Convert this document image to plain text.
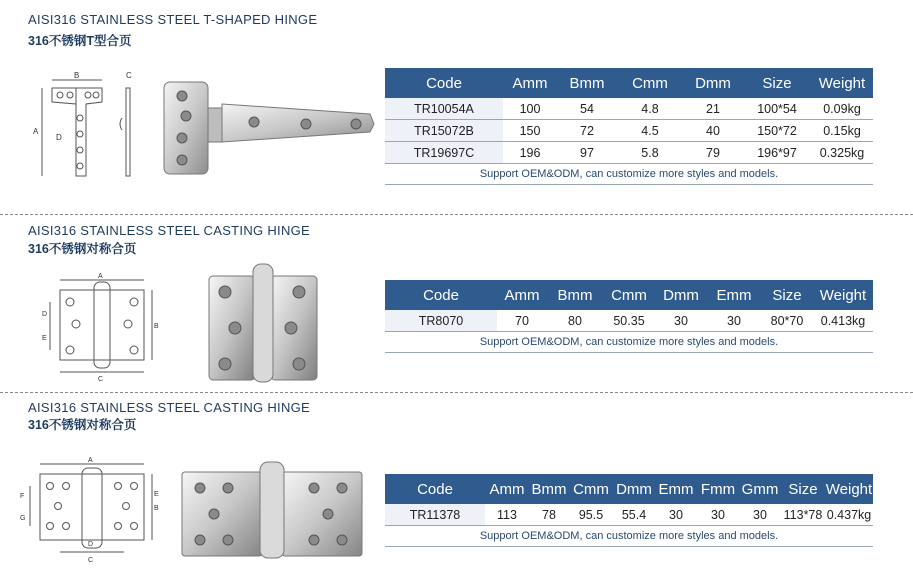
AISI316 STAINLESS STEEL T-SHAPED HINGE
316不锈钢T型合页
B
A
C
D
Code	Amm	Bmm	Cmm	Dmm	Size	Weight
TR10054A	100	54	4.8	21	100*54	0.09kg
TR15072B	150	72	4.5	40	150*72	0.15kg
TR19697C	196	97	5.8	79	196*97	0.325kg
Support OEM&ODM, can customize more styles and models.						
AISI316 STAINLESS STEEL CASTING HINGE
316不锈钢对称合页
A
B
C
D
E
Code	Amm	Bmm	Cmm	Dmm	Emm	Size	Weight
TR8070	70	80	50.35	30	30	80*70	0.413kg
Support OEM&ODM, can customize more styles and models.							
AISI316 STAINLESS STEEL CASTING HINGE
316不锈钢对称合页
A
B
C
D
E
F
G
Code	Amm	Bmm	Cmm	Dmm	Emm	Fmm	Gmm	Size	Weight
TR11378	113	78	95.5	55.4	30	30	30	113*78	0.437kg
Support OEM&ODM, can customize more styles and models.									
